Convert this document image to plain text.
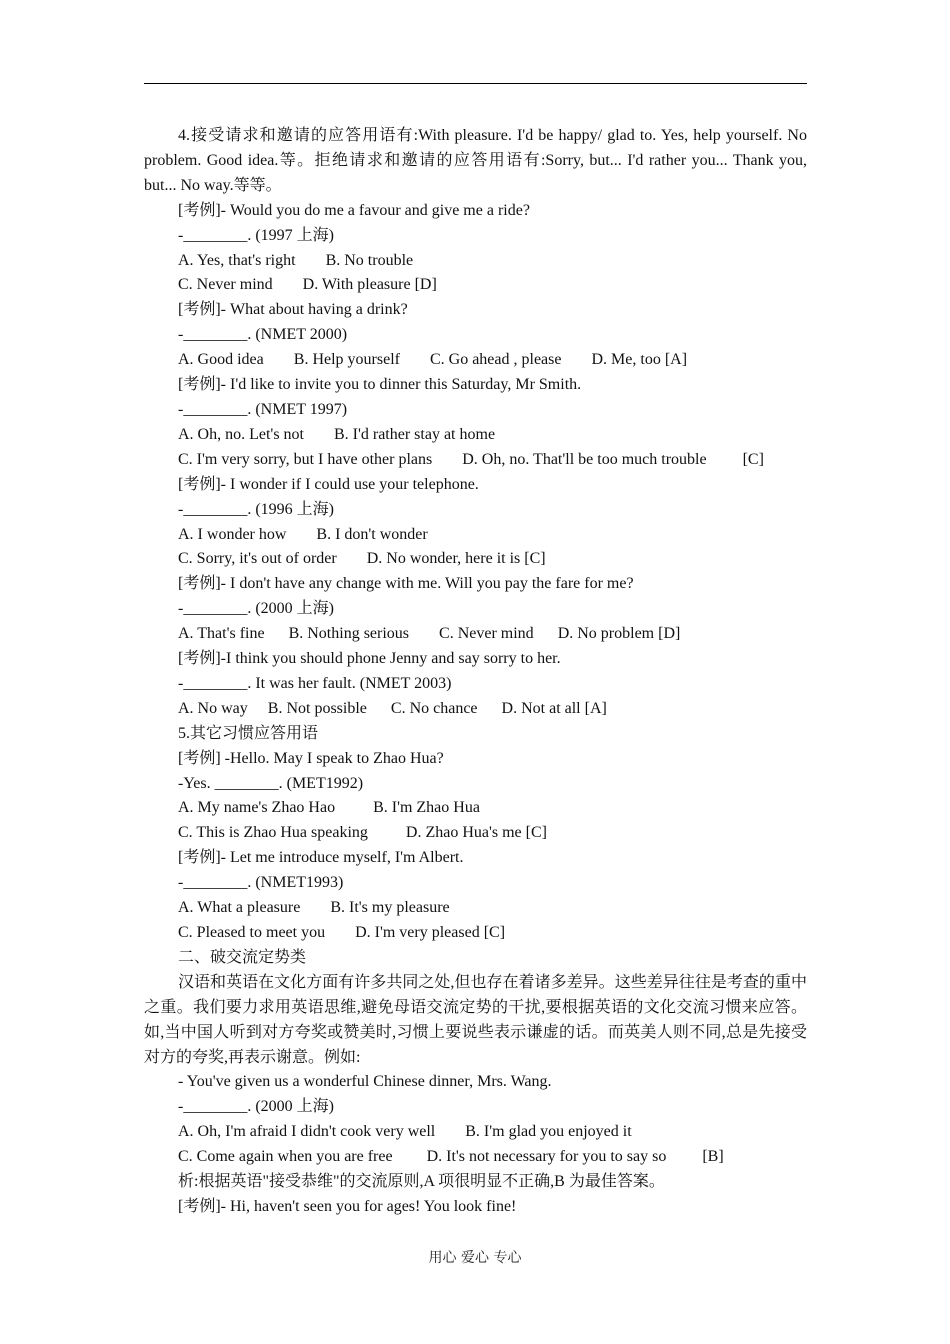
4.接受请求和邀请的应答用语有:With pleasure. I'd be happy/ glad to. Yes, help yourself. No problem. Good idea.等。拒绝请求和邀请的应答用语有:Sorry, but... I'd rather you... Thank you, but... No way.等等。

[考例]- Would you do me a favour and give me a ride?

-________. (1997 上海)

A. Yes, that's right B. No trouble

C. Never mind D. With pleasure [D]

[考例]- What about having a drink?

-________. (NMET 2000)

A. Good idea B. Help yourself C. Go ahead , please D. Me, too [A]

[考例]- I'd like to invite you to dinner this Saturday, Mr Smith.

-________. (NMET 1997)

A. Oh, no. Let's not B. I'd rather stay at home

C. I'm very sorry, but I have other plans D. Oh, no. That'll be too much trouble [C]

[考例]- I wonder if I could use your telephone.

-________. (1996 上海)

A. I wonder how B. I don't wonder

C. Sorry, it's out of order D. No wonder, here it is [C]

[考例]- I don't have any change with me. Will you pay the fare for me?

-________. (2000 上海)

A. That's fine B. Nothing serious C. Never mind D. No problem [D]

[考例]-I think you should phone Jenny and say sorry to her.

-________. It was her fault. (NMET 2003)

A. No way B. Not possible C. No chance D. Not at all [A]

5.其它习惯应答用语

[考例] -Hello. May I speak to Zhao Hua?

-Yes. ________. (MET1992)

A. My name's Zhao Hao B. I'm Zhao Hua

C. This is Zhao Hua speaking D. Zhao Hua's me [C]

[考例]- Let me introduce myself, I'm Albert.

-________. (NMET1993)

A. What a pleasure B. It's my pleasure

C. Pleased to meet you D. I'm very pleased [C]

二、破交流定势类

汉语和英语在文化方面有许多共同之处,但也存在着诸多差异。这些差异往往是考查的重中之重。我们要力求用英语思维,避免母语交流定势的干扰,要根据英语的文化交流习惯来应答。如,当中国人听到对方夸奖或赞美时,习惯上要说些表示谦虚的话。而英美人则不同,总是先接受对方的夸奖,再表示谢意。例如:

- You've given us a wonderful Chinese dinner, Mrs. Wang.

-________. (2000 上海)

A. Oh, I'm afraid I didn't cook very well B. I'm glad you enjoyed it

C. Come again when you are free D. It's not necessary for you to say so [B]

析:根据英语"接受恭维"的交流原则,A 项很明显不正确,B 为最佳答案。

[考例]- Hi, haven't seen you for ages! You look fine!

用心 爱心 专心
